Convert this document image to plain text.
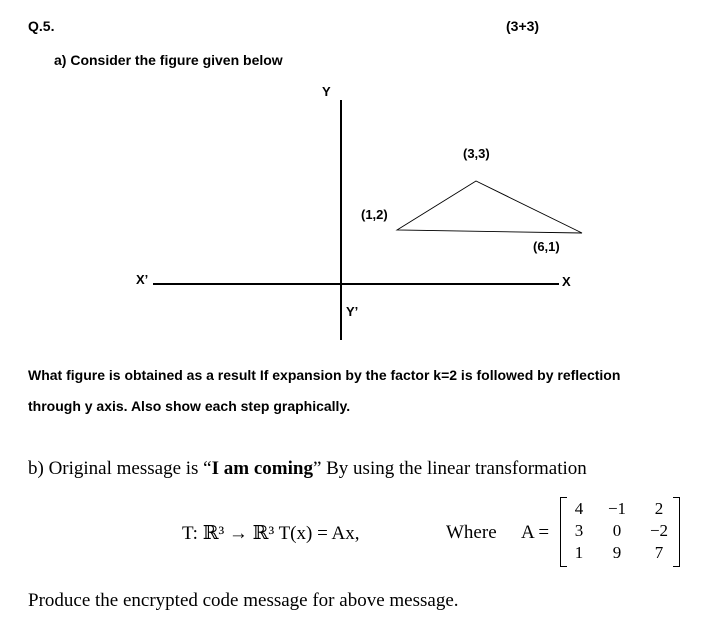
Q.5.	(3+3)
a) Consider the figure given below
Y
Y’
X’	X
(1,2)
(3,3)
(6,1)
What figure is obtained as a result If expansion by the factor k=2 is followed by reflection
through y axis. Also show each step graphically.
b) Original message is “I am coming” By using the linear transformation
T: ℝ³ → ℝ³ T(x) = Ax,	Where A =
4	−1	2
3	0	−2
1	9	7
Produce the encrypted code message for above message.
